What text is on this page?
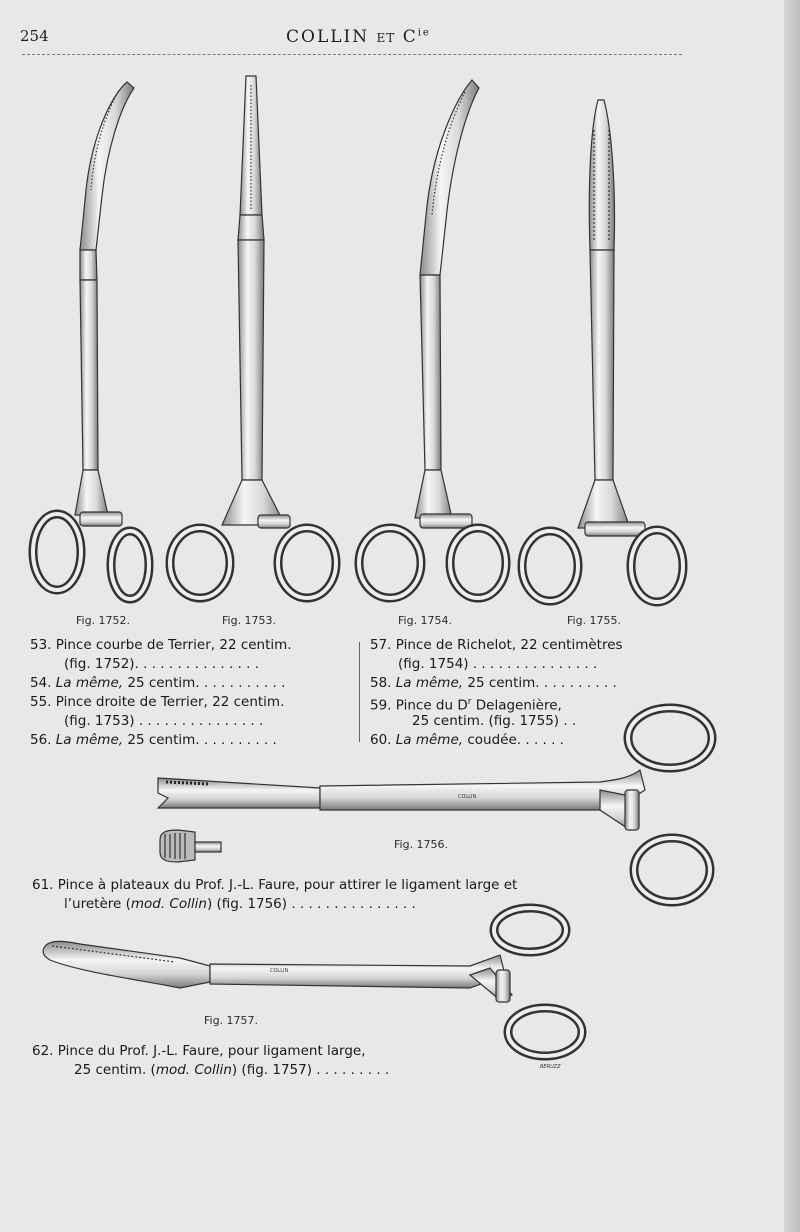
254	COLLIN ET $C^{ie}$
COLLIN
COLLIN
BERUZZ
Fig. 1752.	Fig. 1753.	Fig. 1754.	Fig. 1755.
53. Pince courbe de Terrier, 22 centim.
(fig. 1752). . . . . . . . . . . . . . .
54. La même, 25 centim. . . . . . . . . . .
55. Pince droite de Terrier, 22 centim.
(fig. 1753) . . . . . . . . . . . . . . .
56. La même, 25 centim. . . . . . . . . .
57. Pince de Richelot, 22 centimètres
(fig. 1754) . . . . . . . . . . . . . . .
58. La même, 25 centim. . . . . . . . . .
59. Pince du $D^r$ Delagenière,
25 centim. (fig. 1755) . .
60. La même, coudée. . . . . .
Fig. 1756.
61. Pince à plateaux du Prof. J.-L. Faure, pour attirer le ligament large et
l’uretère (mod. Collin) (fig. 1756) . . . . . . . . . . . . . . .
Fig. 1757.
62. Pince du Prof. J.-L. Faure, pour ligament large,
25 centim. (mod. Collin) (fig. 1757) . . . . . . . . .
